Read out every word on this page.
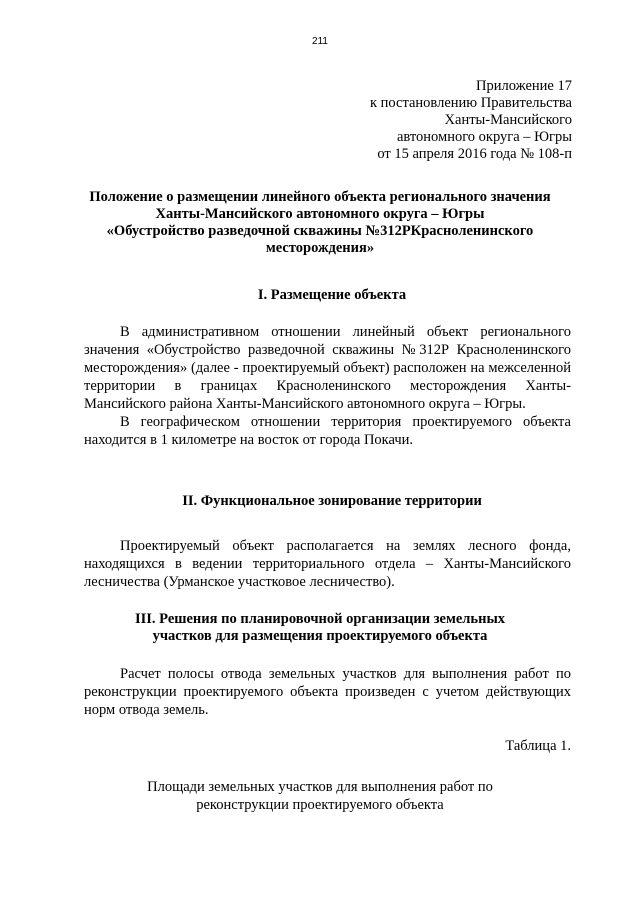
211
Приложение 17
к постановлению Правительства
Ханты-Мансийского
автономного округа – Югры
от 15 апреля 2016 года № 108-п
Положение о размещении линейного объекта регионального значения
Ханты-Мансийского автономного округа – Югры
«Обустройство разведочной скважины №312РКрасноленинского
месторождения»
I. Размещение объекта

В административном отношении линейный объект регионального значения «Обустройство разведочной скважины №312Р Красноленинского месторождения» (далее - проектируемый объект) расположен на межселенной территории в границах Красноленинского месторождения Ханты-Мансийского района Ханты-Мансийского автономного округа – Югры.

В географическом отношении территория проектируемого объекта находится в 1 километре на восток от города Покачи.

II. Функциональное зонирование территории

Проектируемый объект располагается на землях лесного фонда, находящихся в ведении территориального отдела – Ханты-Мансийского лесничества (Урманское участковое лесничество).

III. Решения по планировочной организации земельных
участков для размещения проектируемого объекта

Расчет полосы отвода земельных участков для выполнения работ по реконструкции проектируемого объекта произведен с учетом действующих норм отвода земель.

Таблица 1.
Площади земельных участков для выполнения работ по
реконструкции проектируемого объекта
